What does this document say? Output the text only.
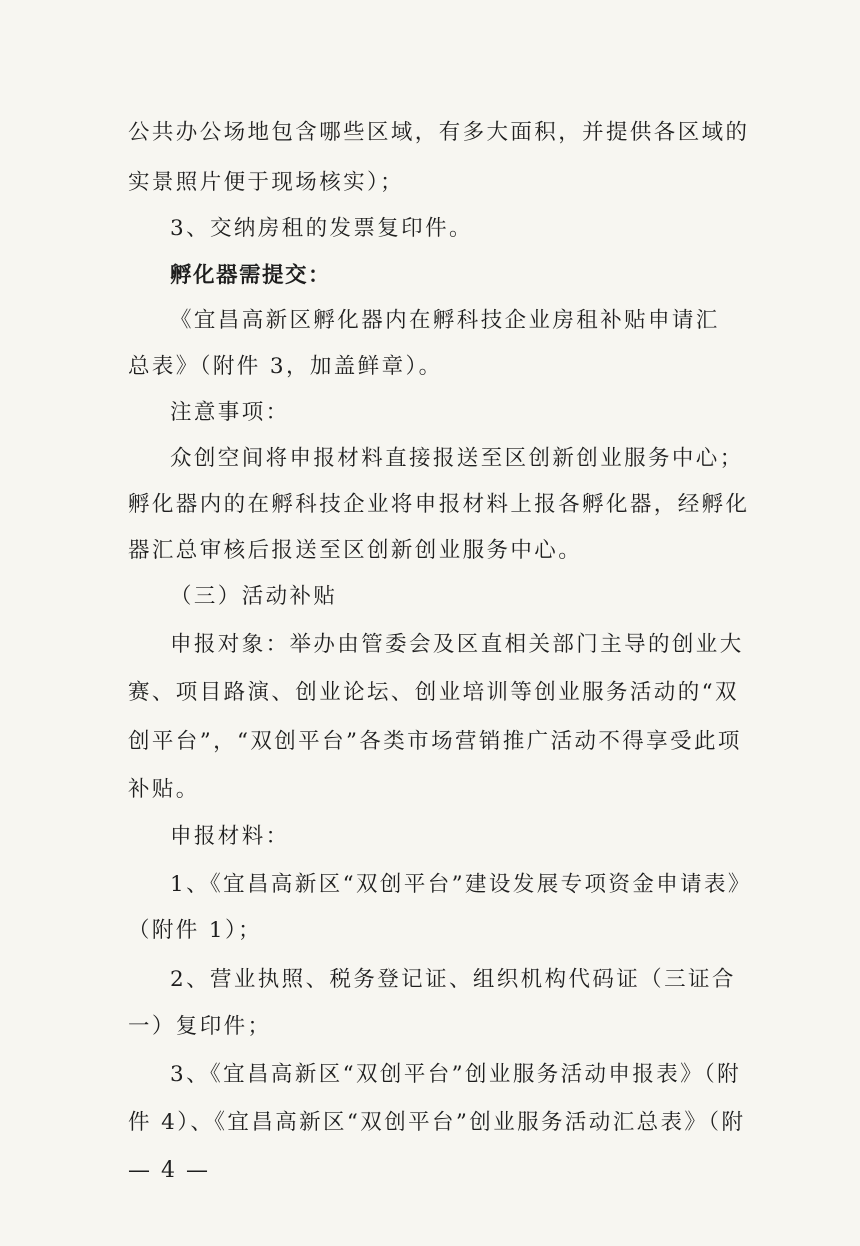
公共办公场地包含哪些区域，有多大面积，并提供各区域的
实景照片便于现场核实）；
3、交纳房租的发票复印件。
孵化器需提交：
《宜昌高新区孵化器内在孵科技企业房租补贴申请汇
总表》（附件 3，加盖鲜章）。
注意事项：
众创空间将申报材料直接报送至区创新创业服务中心；
孵化器内的在孵科技企业将申报材料上报各孵化器，经孵化
器汇总审核后报送至区创新创业服务中心。
（三）活动补贴
申报对象：举办由管委会及区直相关部门主导的创业大
赛、项目路演、创业论坛、创业培训等创业服务活动的“双
创平台”，“双创平台”各类市场营销推广活动不得享受此项
补贴。
申报材料：
1、《宜昌高新区“双创平台”建设发展专项资金申请表》
（附件 1）；
2、营业执照、税务登记证、组织机构代码证（三证合
一）复印件；
3、《宜昌高新区“双创平台”创业服务活动申报表》（附
件 4）、《宜昌高新区“双创平台”创业服务活动汇总表》（附
— 4 —
